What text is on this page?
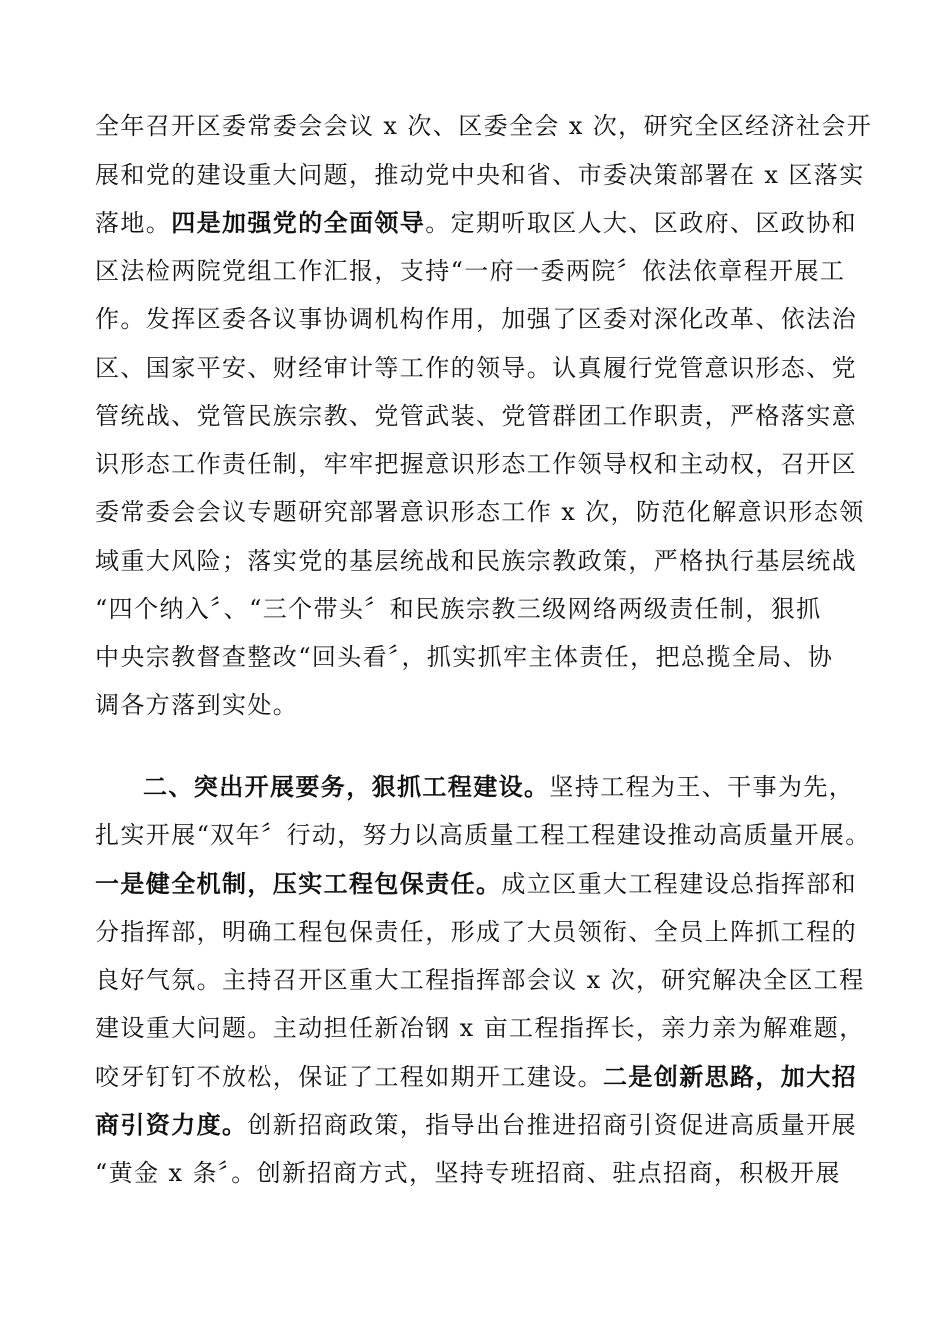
全年召开区委常委会会议 x 次、区委全会 x 次，研究全区经济社会开
展和党的建设重大问题，推动党中央和省、市委决策部署在 x 区落实
落地。四是加强党的全面领导。定期听取区人大、区政府、区政协和
区法检两院党组工作汇报，支持“一府一委两院〞依法依章程开展工
作。发挥区委各议事协调机构作用，加强了区委对深化改革、依法治
区、国家平安、财经审计等工作的领导。认真履行党管意识形态、党
管统战、党管民族宗教、党管武装、党管群团工作职责，严格落实意
识形态工作责任制，牢牢把握意识形态工作领导权和主动权，召开区
委常委会会议专题研究部署意识形态工作 x 次，防范化解意识形态领
域重大风险；落实党的基层统战和民族宗教政策，严格执行基层统战
“四个纳入〞、“三个带头〞和民族宗教三级网络两级责任制，狠抓
中央宗教督查整改“回头看〞，抓实抓牢主体责任，把总揽全局、协
调各方落到实处。
二、突出开展要务，狠抓工程建设。坚持工程为王、干事为先，
扎实开展“双年〞行动，努力以高质量工程工程建设推动高质量开展。
一是健全机制，压实工程包保责任。成立区重大工程建设总指挥部和
分指挥部，明确工程包保责任，形成了大员领衔、全员上阵抓工程的
良好气氛。主持召开区重大工程指挥部会议 x 次，研究解决全区工程
建设重大问题。主动担任新冶钢 x 亩工程指挥长，亲力亲为解难题，
咬牙钉钉不放松，保证了工程如期开工建设。二是创新思路，加大招
商引资力度。创新招商政策，指导出台推进招商引资促进高质量开展
“黄金 x 条〞。创新招商方式，坚持专班招商、驻点招商，积极开展
